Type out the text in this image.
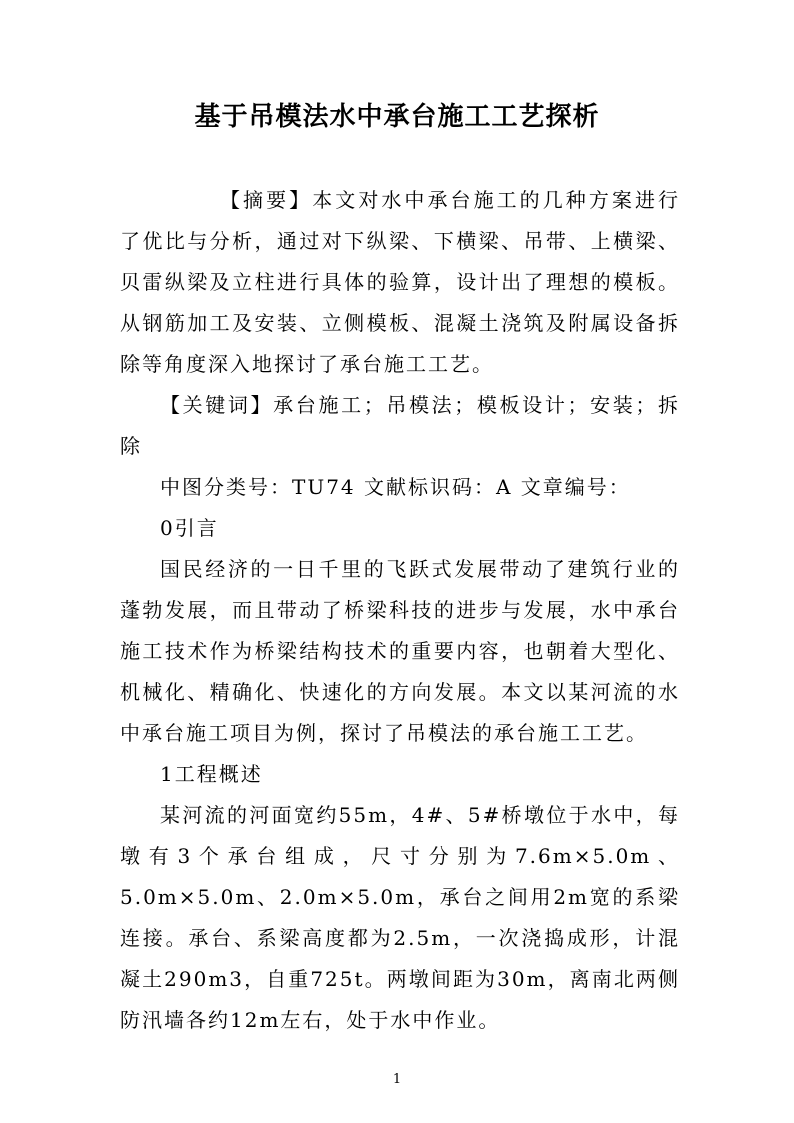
基于吊模法水中承台施工工艺探析

【摘要】本文对水中承台施工的几种方案进行了优比与分析，通过对下纵梁、下横梁、吊带、上横梁、贝雷纵梁及立柱进行具体的验算，设计出了理想的模板。从钢筋加工及安装、立侧模板、混凝土浇筑及附属设备拆除等角度深入地探讨了承台施工工艺。

【关键词】承台施工；吊模法；模板设计；安装；拆除

中图分类号：TU74 文献标识码：A 文章编号：

0引言

国民经济的一日千里的飞跃式发展带动了建筑行业的蓬勃发展，而且带动了桥梁科技的进步与发展，水中承台施工技术作为桥梁结构技术的重要内容，也朝着大型化、机械化、精确化、快速化的方向发展。本文以某河流的水中承台施工项目为例，探讨了吊模法的承台施工工艺。

1工程概述

某河流的河面宽约55m，4#、5#桥墩位于水中，每墩有3个承台组成，尺寸分别为7.6m×5.0m、5.0m×5.0m、2.0m×5.0m，承台之间用2m宽的系梁连接。承台、系梁高度都为2.5m，一次浇捣成形，计混凝土290m3，自重725t。两墩间距为30m，离南北两侧防汛墙各约12m左右，处于水中作业。

1
